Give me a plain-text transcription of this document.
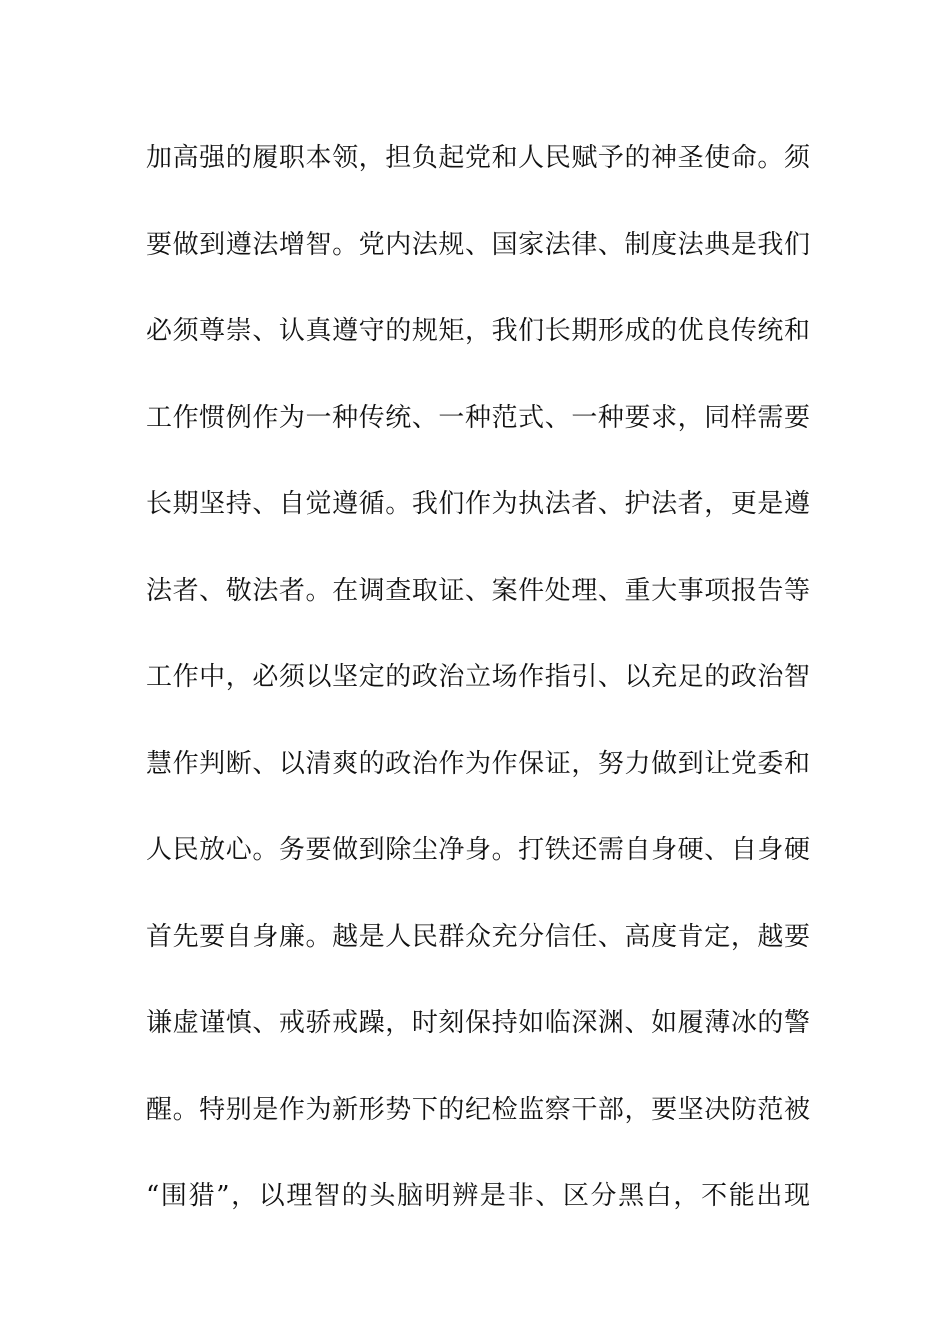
加高强的履职本领，担负起党和人民赋予的神圣使命。须
要做到遵法增智。党内法规、国家法律、制度法典是我们
必须尊崇、认真遵守的规矩，我们长期形成的优良传统和
工作惯例作为一种传统、一种范式、一种要求，同样需要
长期坚持、自觉遵循。我们作为执法者、护法者，更是遵
法者、敬法者。在调查取证、案件处理、重大事项报告等
工作中，必须以坚定的政治立场作指引、以充足的政治智
慧作判断、以清爽的政治作为作保证，努力做到让党委和
人民放心。务要做到除尘净身。打铁还需自身硬、自身硬
首先要自身廉。越是人民群众充分信任、高度肯定，越要
谦虚谨慎、戒骄戒躁，时刻保持如临深渊、如履薄冰的警
醒。特别是作为新形势下的纪检监察干部，要坚决防范被
“围猎”，以理智的头脑明辨是非、区分黑白，不能出现
